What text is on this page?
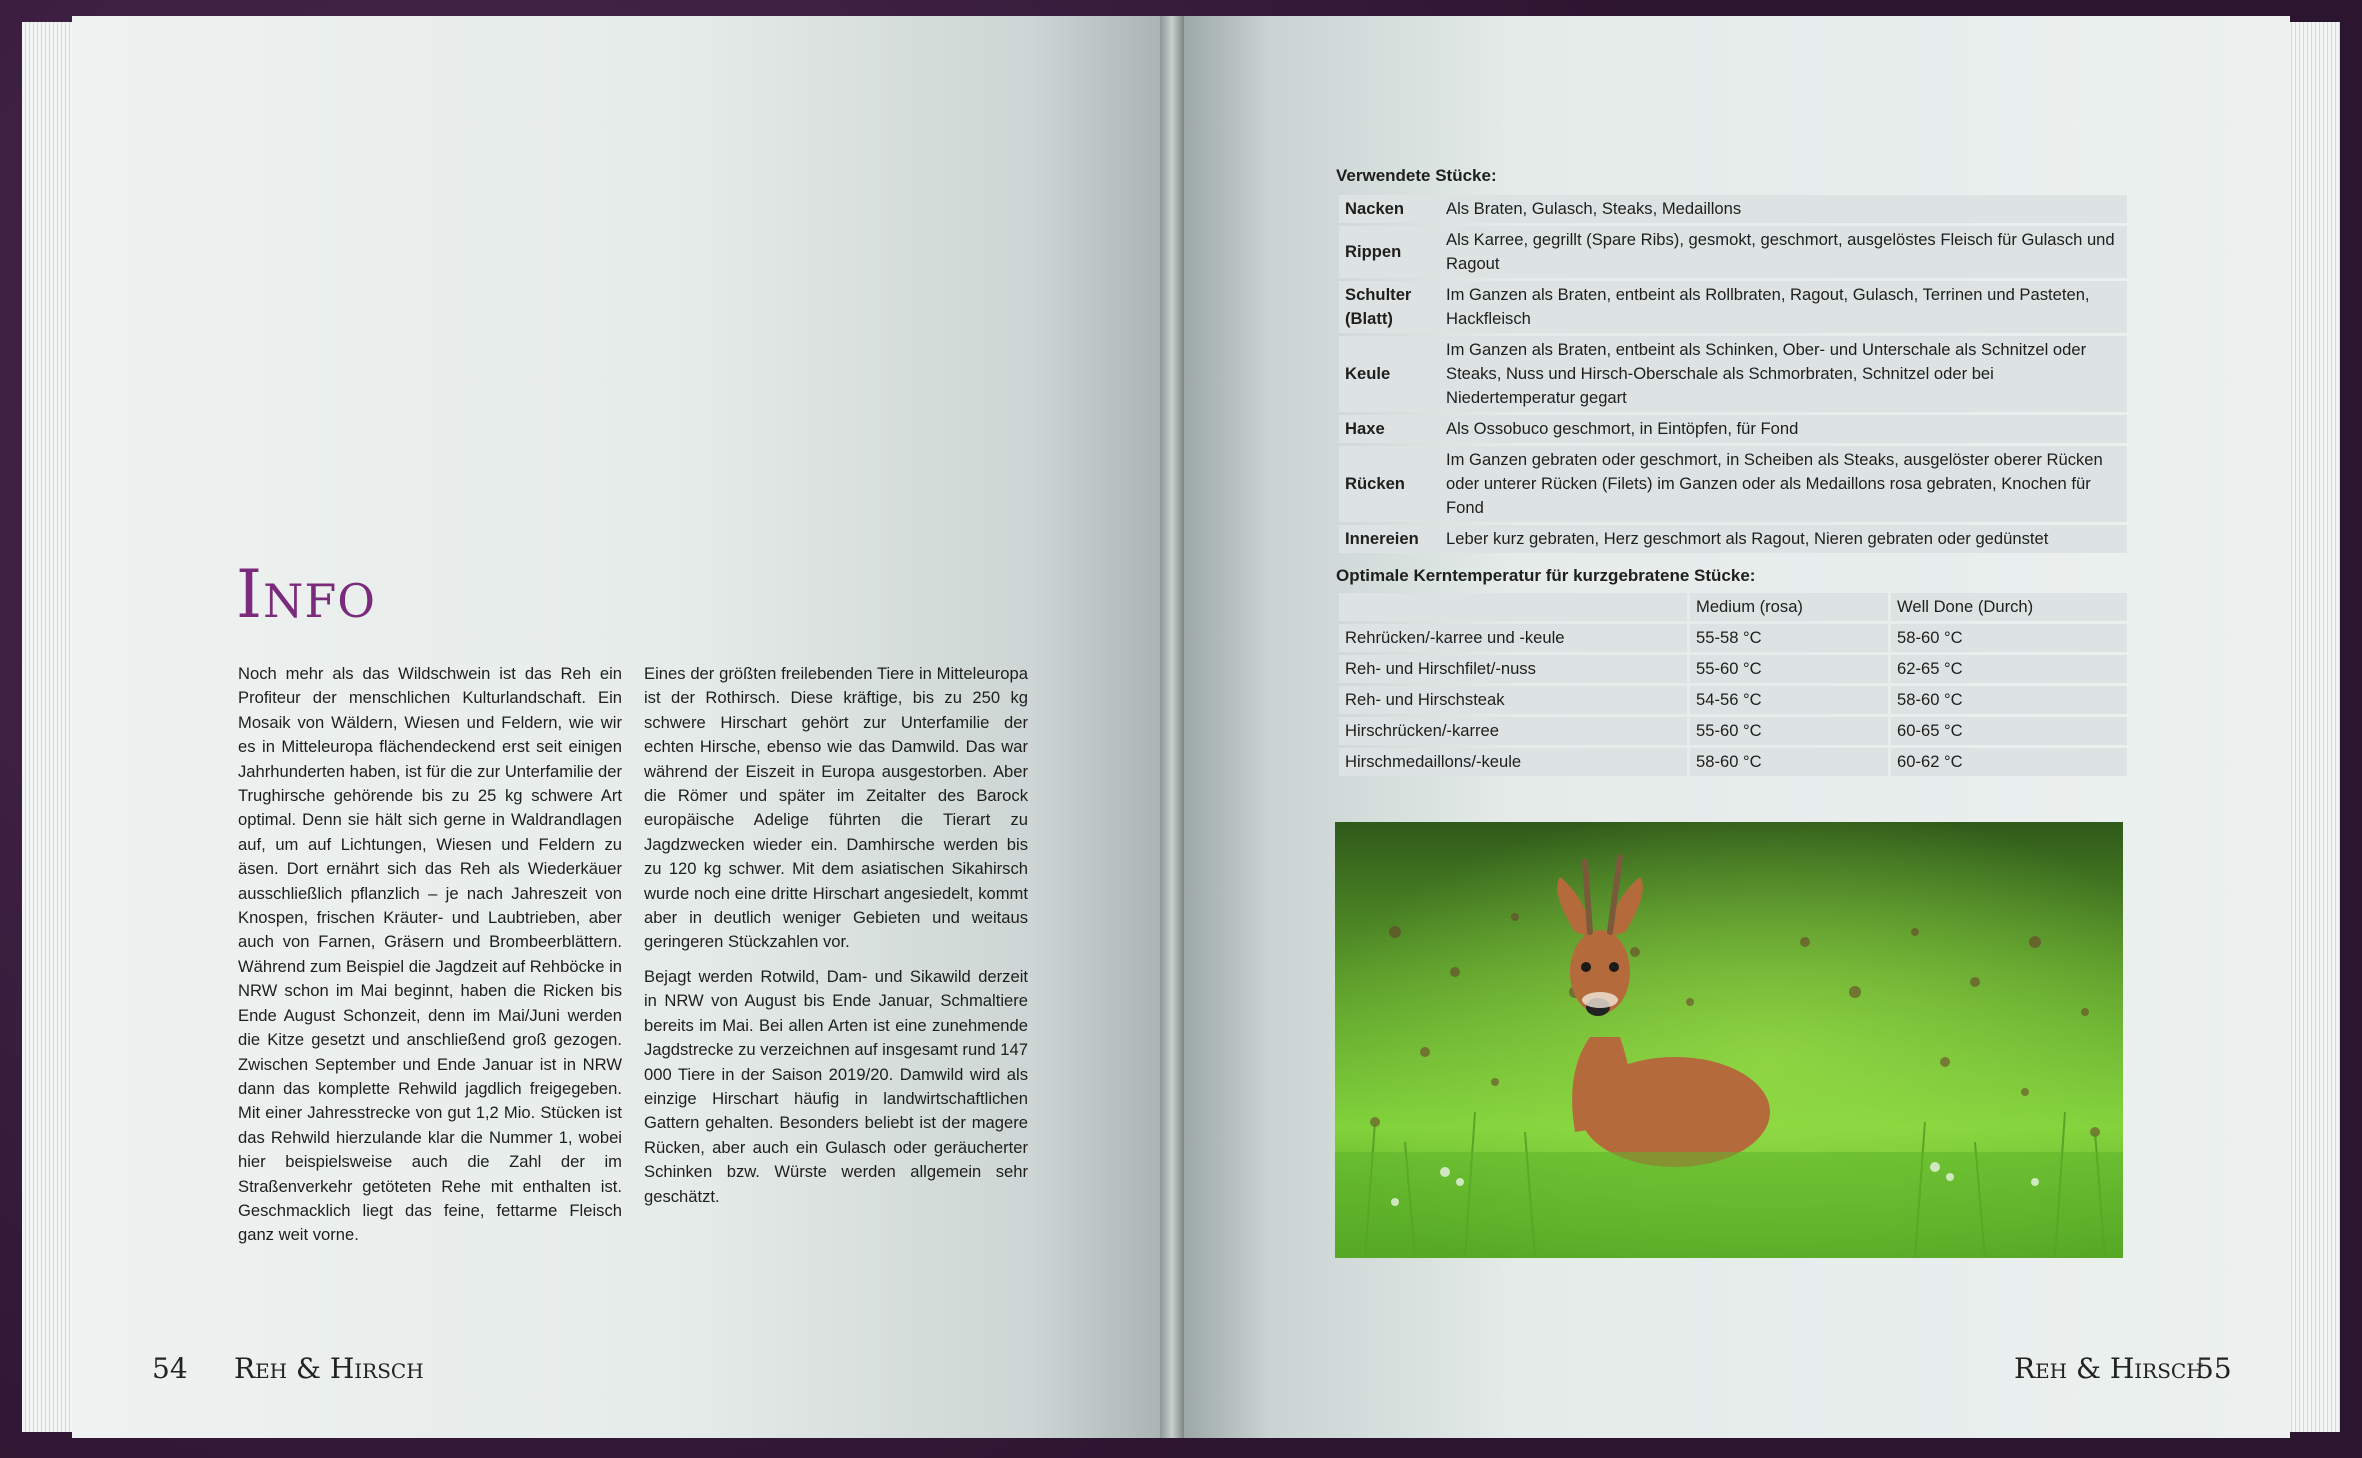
Info

Noch mehr als das Wildschwein ist das Reh ein Profiteur der menschlichen Kulturlandschaft. Ein Mosaik von Wäldern, Wiesen und Feldern, wie wir es in Mitteleuropa flächendeckend erst seit einigen Jahrhunderten haben, ist für die zur Unterfamilie der Trughirsche gehörende bis zu 25 kg schwere Art optimal. Denn sie hält sich gerne in Waldrandlagen auf, um auf Lichtungen, Wiesen und Feldern zu äsen. Dort ernährt sich das Reh als Wiederkäuer ausschließlich pflanzlich – je nach Jahreszeit von Knospen, frischen Kräuter- und Laubtrieben, aber auch von Farnen, Gräsern und Brombeerblättern. Während zum Beispiel die Jagdzeit auf Rehböcke in NRW schon im Mai beginnt, haben die Ricken bis Ende August Schonzeit, denn im Mai/Juni werden die Kitze gesetzt und anschließend groß gezogen. Zwischen September und Ende Januar ist in NRW dann das komplette Rehwild jagdlich freigegeben. Mit einer Jahresstrecke von gut 1,2 Mio. Stücken ist das Rehwild hierzulande klar die Nummer 1, wobei hier beispielsweise auch die Zahl der im Straßenverkehr getöteten Rehe mit enthalten ist. Geschmacklich liegt das feine, fettarme Fleisch ganz weit vorne.

Eines der größten freilebenden Tiere in Mitteleuropa ist der Rothirsch. Diese kräftige, bis zu 250 kg schwere Hirschart gehört zur Unterfamilie der echten Hirsche, ebenso wie das Damwild. Das war während der Eiszeit in Europa ausgestorben. Aber die Römer und später im Zeitalter des Barock europäische Adelige führten die Tierart zu Jagdzwecken wieder ein. Damhirsche werden bis zu 120 kg schwer. Mit dem asiatischen Sikahirsch wurde noch eine dritte Hirschart angesiedelt, kommt aber in deutlich weniger Gebieten und weitaus geringeren Stückzahlen vor.

Bejagt werden Rotwild, Dam- und Sikawild derzeit in NRW von August bis Ende Januar, Schmaltiere bereits im Mai. Bei allen Arten ist eine zunehmende Jagdstrecke zu verzeichnen auf insgesamt rund 147 000 Tiere in der Saison 2019/20. Damwild wird als einzige Hirschart häufig in landwirtschaftlichen Gattern gehalten. Besonders beliebt ist der magere Rücken, aber auch ein Gulasch oder geräucherter Schinken bzw. Würste werden allgemein sehr geschätzt.

54 Reh & Hirsch	Reh & Hirsch
55

Verwendete Stücke:

Nacken	Als Braten, Gulasch, Steaks, Medaillons
Rippen	Als Karree, gegrillt (Spare Ribs), gesmokt, geschmort, ausgelöstes Fleisch für Gulasch und Ragout
Schulter (Blatt)	Im Ganzen als Braten, entbeint als Rollbraten, Ragout, Gulasch, Terrinen und Pasteten, Hackfleisch
Keule	Im Ganzen als Braten, entbeint als Schinken, Ober- und Unterschale als Schnitzel oder Steaks, Nuss und Hirsch-Oberschale als Schmorbraten, Schnitzel oder bei Niedertemperatur gegart
Haxe	Als Ossobuco geschmort, in Eintöpfen, für Fond
Rücken	Im Ganzen gebraten oder geschmort, in Scheiben als Steaks, ausgelöster oberer Rücken oder unterer Rücken (Filets) im Ganzen oder als Medaillons rosa gebraten, Knochen für Fond
Innereien	Leber kurz gebraten, Herz geschmort als Ragout, Nieren gebraten oder gedünstet

Optimale Kerntemperatur für kurzgebratene Stücke:

	Medium (rosa)	Well Done (Durch)
Rehrücken/-karree und -keule	55-58 °C	58-60 °C
Reh- und Hirschfilet/-nuss	55-60 °C	62-65 °C
Reh- und Hirschsteak	54-56 °C	58-60 °C
Hirschrücken/-karree	55-60 °C	60-65 °C
Hirschmedaillons/-keule	58-60 °C	60-62 °C
